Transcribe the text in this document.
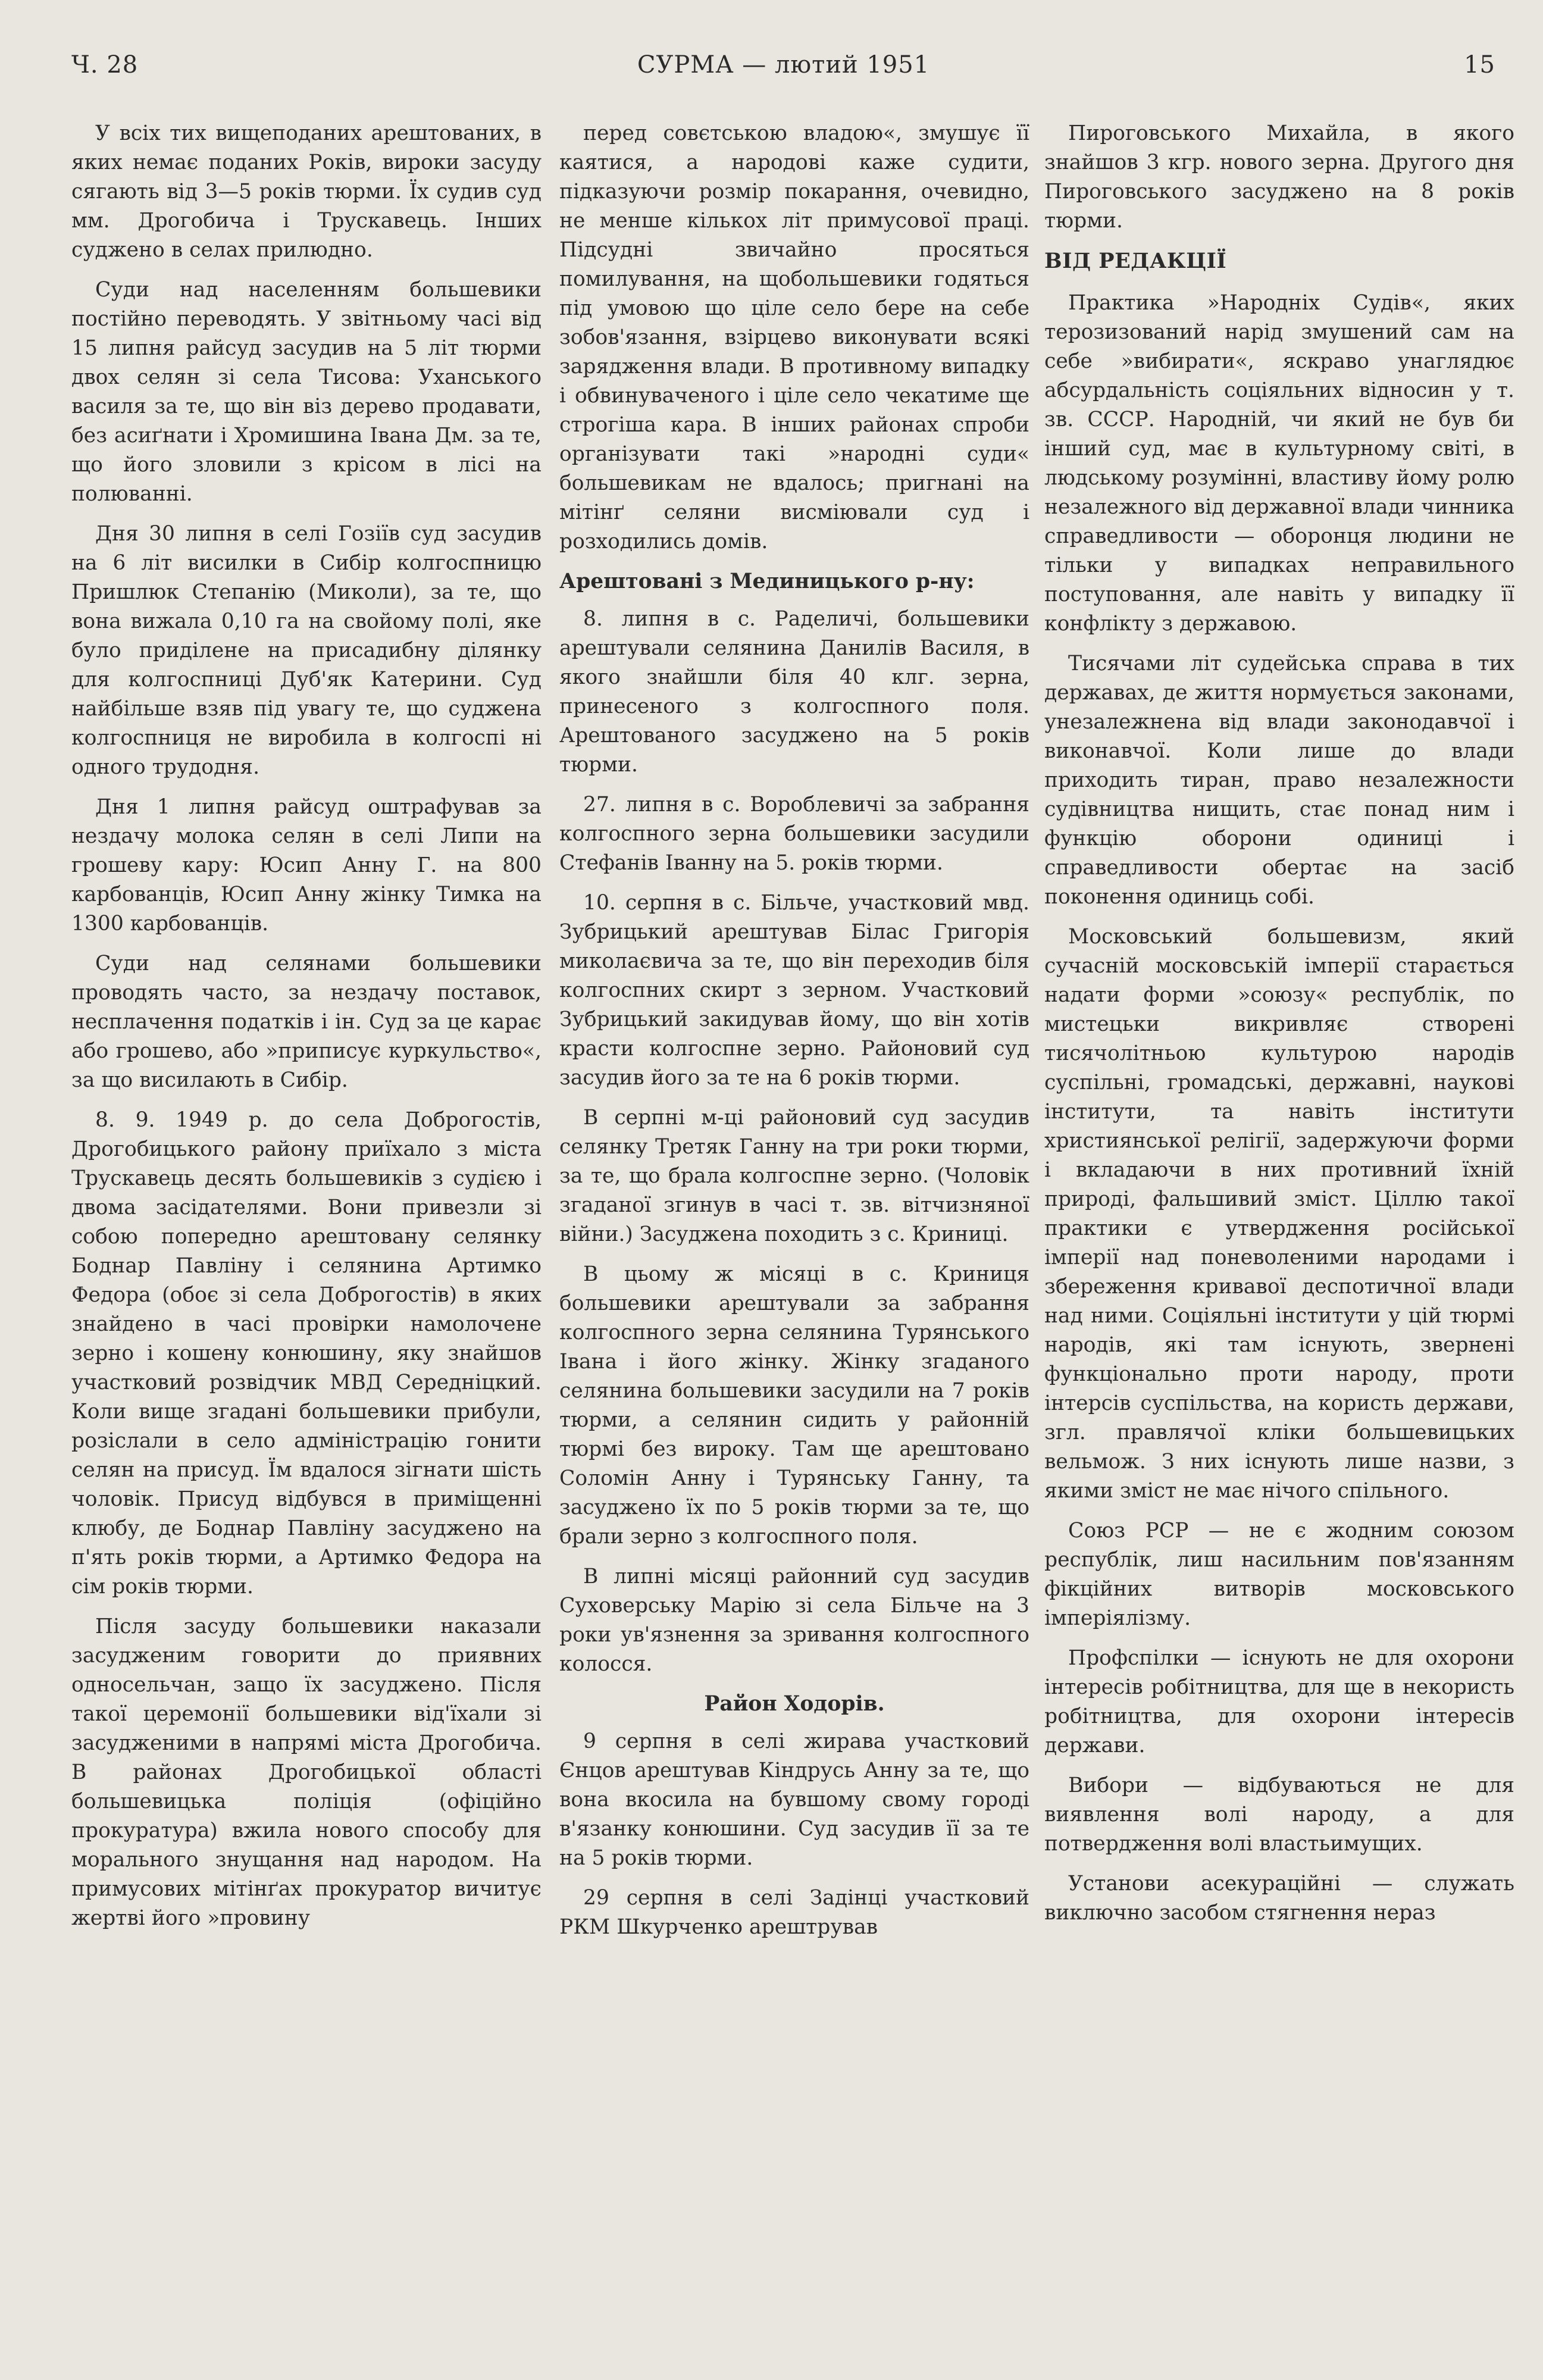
Ч. 28	СУРМА — лютий 1951	15

У всіх тих вищеподаних арештованих, в яких немає поданих Років, вироки засуду сягають від 3—5 років тюрми. Їх судив суд мм. Дрогобича і Трускавець. Інших суджено в селах прилюдно.

Суди над населенням большевики постійно переводять. У звітньому часі від 15 липня райсуд засудив на 5 літ тюрми двох селян зі села Тисова: Уханського василя за те, що він віз дерево продавати, без асиґнати і Хромишина Івана Дм. за те, що його зловили з крісом в лісі на полюванні.

Дня 30 липня в селі Гозіїв суд засудив на 6 літ висилки в Сибір колгоспницю Пришлюк Степанію (Миколи), за те, що вона вижала 0,10 га на свойому полі, яке було приділене на присадибну ділянку для колгоспниці Дуб'як Катерини. Суд найбільше взяв під увагу те, що суджена колгоспниця не виробила в колгоспі ні одного трудодня.

Дня 1 липня райсуд оштрафував за нездачу молока селян в селі Липи на грошеву кару: Юсип Анну Г. на 800 карбованців, Юсип Анну жінку Тимка на 1300 карбованців.

Суди над селянами большевики проводять часто, за нездачу поставок, несплачення податків і ін. Суд за це карає або грошево, або »приписує куркульство«, за що висилають в Сибір.

8. 9. 1949 р. до села Доброгостів, Дрогобицького району приїхало з міста Трускавець десять большевиків з судією і двома засідателями. Вони привезли зі собою попередно арештовану селянку Боднар Павліну і селянина Артимко Федора (обоє зі села Доброгостів) в яких знайдено в часі провірки намолочене зерно і кошену конюшину, яку знайшов участковий розвідчик МВД Середніцкий. Коли вище згадані большевики прибули, розіслали в село адміністрацію гонити селян на присуд. Їм вдалося зігнати шість чоловік. Присуд відбувся в приміщенні клюбу, де Боднар Павліну засуджено на п'ять років тюрми, а Артимко Федора на сім років тюрми.

Після засуду большевики наказали засудженим говорити до приявних односельчан, защо їх засуджено. Після такої церемонії большевики від'їхали зі засудженими в напрямі міста Дрогобича. В районах Дрогобицької області большевицька поліція (офіційно прокуратура) вжила нового способу для морального знущання над народом. На примусових мітінґах прокуратор вичитує жертві його »провину

перед совєтською владою«, змушує її каятися, а народові каже судити, підказуючи розмір покарання, очевидно, не менше кількох літ примусової праці. Підсудні звичайно просяться помилування, на щобольшевики годяться під умовою що ціле село бере на себе зобов'язання, взірцево виконувати всякі зарядження влади. В противному випадку і обвинуваченого і ціле село чекатиме ще строгіша кара. В інших районах спроби організувати такі »народні суди« большевикам не вдалось; пригнані на мітінґ селяни висміювали суд і розходились домів.

Арештовані з Мединицького р-ну:

8. липня в с. Раделичі, большевики арештували селянина Данилів Василя, в якого знайшли біля 40 клг. зерна, принесеного з колгоспного поля. Арештованого засуджено на 5 років тюрми.

27. липня в с. Вороблевичі за забрання колгоспного зерна большевики засудили Стефанів Іванну на 5. років тюрми.

10. серпня в с. Більче, участковий мвд. Зубрицький арештував Білас Григорія миколаєвича за те, що він переходив біля колгоспних скирт з зерном. Участковий Зубрицький закидував йому, що він хотів красти колгоспне зерно. Районовий суд засудив його за те на 6 років тюрми.

В серпні м-ці районовий суд засудив селянку Третяк Ганну на три роки тюрми, за те, що брала колгоспне зерно. (Чоловік згаданої згинув в часі т. зв. вітчизняної війни.) Засуджена походить з с. Криниці.

В цьому ж місяці в с. Криниця большевики арештували за забрання колгоспного зерна селянина Турянського Івана і його жінку. Жінку згаданого селянина большевики засудили на 7 років тюрми, а селянин сидить у районній тюрмі без вироку. Там ще арештовано Соломін Анну і Турянську Ганну, та засуджено їх по 5 років тюрми за те, що брали зерно з колгоспного поля.

В липні місяці районний суд засудив Суховерську Марію зі села Більче на 3 роки ув'язнення за зривання колгоспного колосся.

Район Ходорів.

9 серпня в селі жирава участковий Єнцов арештував Кіндрусь Анну за те, що вона вкосила на бувшому свому городі в'язанку конюшини. Суд засудив її за те на 5 років тюрми.

29 серпня в селі Задінці участковий РКМ Шкурченко арештрував

Пироговського Михайла, в якого знайшов 3 кгр. нового зерна. Другого дня Пироговського засуджено на 8 років тюрми.

ВІД РЕДАКЦІЇ

Практика »Народніх Судів«, яких терозизований нарід змушений сам на себе »вибирати«, яскраво унаглядює абсурдальність соціяльних відносин у т. зв. СССР. Народній, чи який не був би інший суд, має в культурному світі, в людському розумінні, властиву йому ролю незалежного від державної влади чинника справедливости — оборонця людини не тільки у випадках неправильного поступовання, але навіть у випадку її конфлікту з державою.

Тисячами літ судейська справа в тих державах, де життя нормується законами, унезалежнена від влади законодавчої і виконавчої. Коли лише до влади приходить тиран, право незалежности судівництва нищить, стає понад ним і функцію оборони одиниці і справедливости обертає на засіб поконення одиниць собі.

Московський большевизм, який сучасній московській імперії старається надати форми »союзу« республік, по мистецьки викривляє створені тисячолітньою культурою народів суспільні, громадські, державні, наукові інститути, та навіть інститути християнської релігії, задержуючи форми і вкладаючи в них противний їхній природі, фальшивий зміст. Ціллю такої практики є утвердження російської імперії над поневоленими народами і збереження кривавої деспотичної влади над ними. Соціяльні інститути у цій тюрмі народів, які там існують, звернені функціонально проти народу, проти інтерсів суспільства, на користь держави, згл. правлячої кліки большевицьких вельмож. З них існують лише назви, з якими зміст не має нічого спільного.

Союз РСР — не є жодним союзом республік, лиш насильним пов'язанням фікційних витворів московського імперіялізму.

Профспілки — існують не для охорони інтересів робітництва, для ще в некористь робітництва, для охорони інтересів держави.

Вибори — відбуваються не для виявлення волі народу, а для потвердження волі властьимущих.

Установи асекураційні — служать виключно засобом стягнення нераз
